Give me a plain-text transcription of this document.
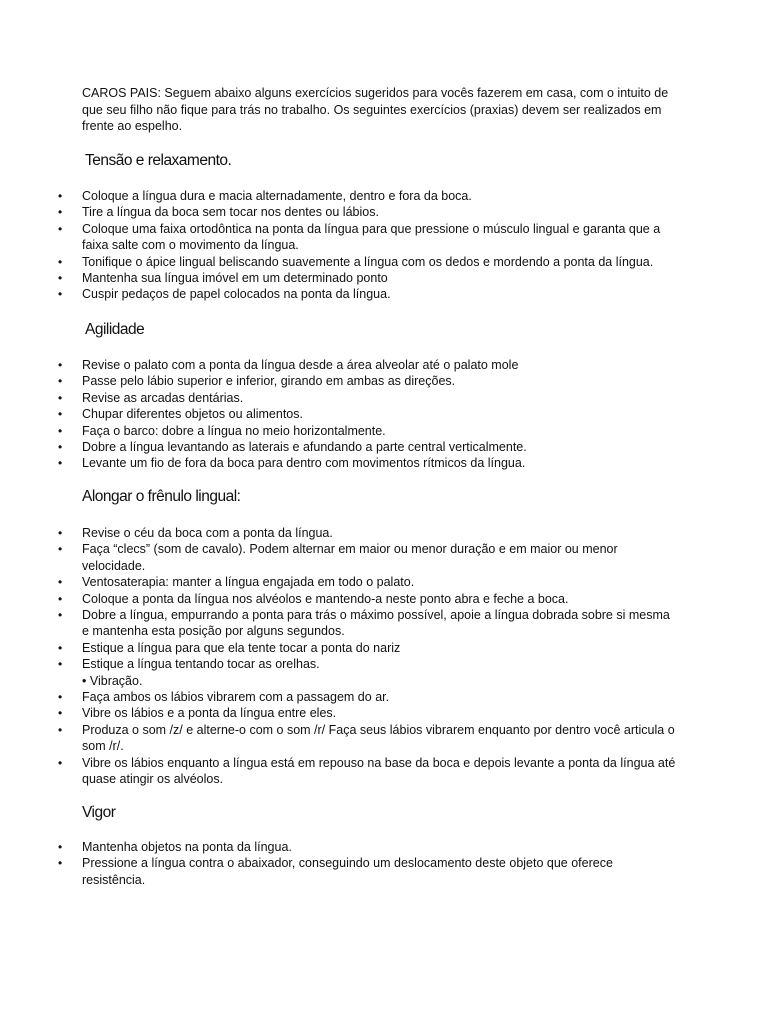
CAROS PAIS: Seguem abaixo alguns exercícios sugeridos para vocês fazerem em casa, com o intuito de que seu filho não fique para trás no trabalho. Os seguintes exercícios (praxias) devem ser realizados em frente ao espelho.

Tensão e relaxamento.
• Coloque a língua dura e macia alternadamente, dentro e fora da boca.
• Tire a língua da boca sem tocar nos dentes ou lábios.
• Coloque uma faixa ortodôntica na ponta da língua para que pressione o músculo lingual e garanta que a faixa salte com o movimento da língua.
• Tonifique o ápice lingual beliscando suavemente a língua com os dedos e mordendo a ponta da língua.
• Mantenha sua língua imóvel em um determinado ponto
• Cuspir pedaços de papel colocados na ponta da língua.
Agilidade
• Revise o palato com a ponta da língua desde a área alveolar até o palato mole
• Passe pelo lábio superior e inferior, girando em ambas as direções.
• Revise as arcadas dentárias.
• Chupar diferentes objetos ou alimentos.
• Faça o barco: dobre a língua no meio horizontalmente.
• Dobre a língua levantando as laterais e afundando a parte central verticalmente.
• Levante um fio de fora da boca para dentro com movimentos rítmicos da língua.
Alongar o frênulo lingual:
• Revise o céu da boca com a ponta da língua.
• Faça “clecs” (som de cavalo). Podem alternar em maior ou menor duração e em maior ou menor velocidade.
• Ventosaterapia: manter a língua engajada em todo o palato.
• Coloque a ponta da língua nos alvéolos e mantendo-a neste ponto abra e feche a boca.
• Dobre a língua, empurrando a ponta para trás o máximo possível, apoie a língua dobrada sobre si mesma e mantenha esta posição por alguns segundos.
• Estique a língua para que ela tente tocar a ponta do nariz
• Estique a língua tentando tocar as orelhas.
• Vibração.
• Faça ambos os lábios vibrarem com a passagem do ar.
• Vibre os lábios e a ponta da língua entre eles.
• Produza o som /z/ e alterne-o com o som /r/ Faça seus lábios vibrarem enquanto por dentro você articula o som /r/.
• Vibre os lábios enquanto a língua está em repouso na base da boca e depois levante a ponta da língua até quase atingir os alvéolos.
Vigor
• Mantenha objetos na ponta da língua.
• Pressione a língua contra o abaixador, conseguindo um deslocamento deste objeto que oferece resistência.
